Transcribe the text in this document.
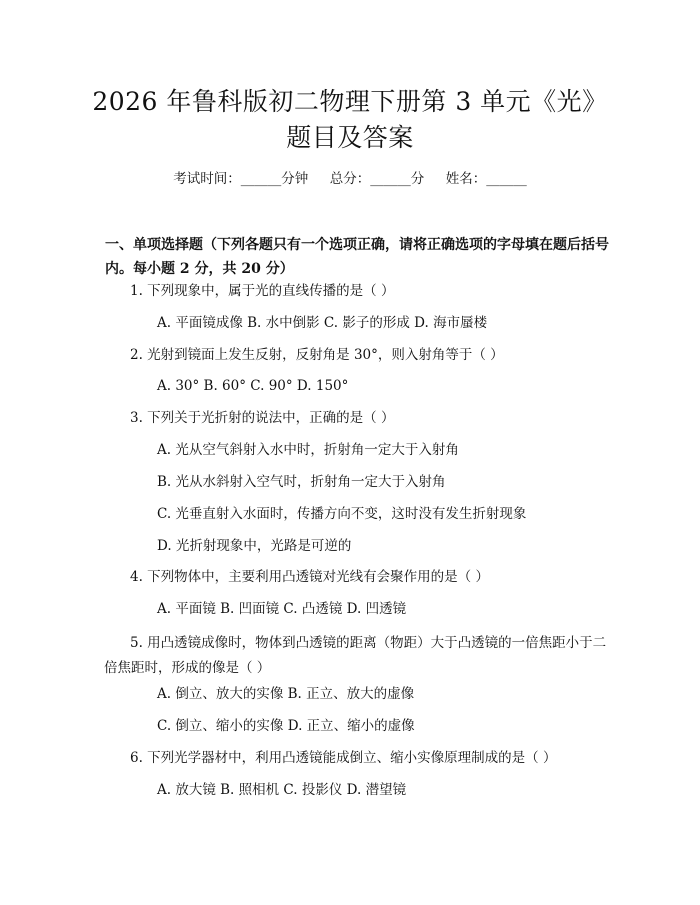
2026 年鲁科版初二物理下册第 3 单元《光》
题目及答案
考试时间：______分钟     总分：______分     姓名：______
一、单项选择题（下列各题只有一个选项正确，请将正确选项的字母填在题后括号内。每小题 2 分，共 20 分）
1. 下列现象中，属于光的直线传播的是（ ）
A. 平面镜成像 B. 水中倒影 C. 影子的形成 D. 海市蜃楼
2. 光射到镜面上发生反射，反射角是 30°，则入射角等于（ ）
A. 30° B. 60° C. 90° D. 150°
3. 下列关于光折射的说法中，正确的是（ ）
A. 光从空气斜射入水中时，折射角一定大于入射角
B. 光从水斜射入空气时，折射角一定大于入射角
C. 光垂直射入水面时，传播方向不变，这时没有发生折射现象
D. 光折射现象中，光路是可逆的
4. 下列物体中，主要利用凸透镜对光线有会聚作用的是（ ）
A. 平面镜 B. 凹面镜 C. 凸透镜 D. 凹透镜
5. 用凸透镜成像时，物体到凸透镜的距离（物距）大于凸透镜的一倍焦距小于二倍焦距时，形成的像是（ ）
A. 倒立、放大的实像 B. 正立、放大的虚像
C. 倒立、缩小的实像 D. 正立、缩小的虚像
6. 下列光学器材中，利用凸透镜能成倒立、缩小实像原理制成的是（ ）
A. 放大镜 B. 照相机 C. 投影仪 D. 潜望镜
